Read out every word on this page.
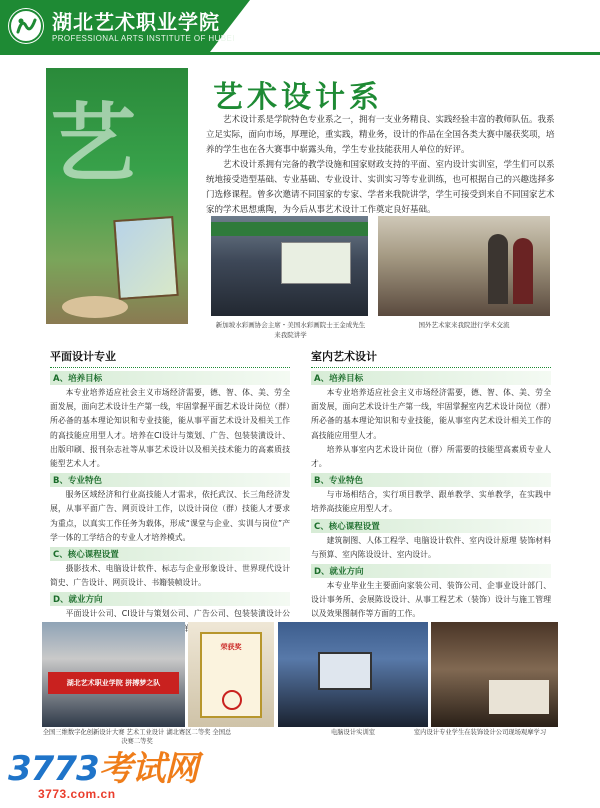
湖北艺术职业学院
PROFESSIONAL ARTS INSTITUTE OF HUBEI
艺	艺术设计系

艺术设计系是学院特色专业系之一，拥有一支业务精良、实践经验丰富的教师队伍。我系立足实际，面向市场，厚理论，重实践，精业务，设计的作品在全国各类大赛中屡获奖项，培养的学生也在各大赛事中崭露头角，学生专业技能获用人单位的好评。

艺术设计系拥有完备的教学设施和国家财政支持的平面、室内设计实训室，学生们可以系统地接受造型基础、专业基础、专业设计、实训实习等专业训练，也可根据自己的兴趣选择多门选修课程。曾多次邀请不同国家的专家、学者来我院讲学，学生可接受到来自不同国家艺术家的学术思想熏陶，为今后从事艺术设计工作奠定良好基础。

新加坡水彩画协会主席・美国水彩画院士王金成先生来我院讲学
国外艺术家来我院进行学术交流
平面设计专业
A、培养目标
本专业培养适应社会主义市场经济需要，德、智、体、美、劳全面发展，面向艺术设计生产第一线，牢固掌握平面艺术设计岗位（群）所必备的基本理论知识和专业技能，能从事平面艺术设计及相关工作的高技能应用型人才。培养在CI设计与策划、广告、包装装潢设计、出版印刷、报刊杂志社等从事艺术设计以及相关技术能力的高素质技能型艺术人才。
B、专业特色
服务区域经济和行业高技能人才需求，依托武汉、长三角经济发展，从事平面广告、网页设计工作，以设计岗位（群）技能人才要求为重点，以真实工作任务为载体，形成“课堂与企业、实训与岗位”产学一体的工学结合的专业人才培养模式。
C、核心课程设置
摄影技术、电脑设计软件、标志与企业形象设计、世界现代设计简史、广告设计、网页设计、书籍装帧设计。
D、就业方向
平面设计公司、CI设计与策划公司、广告公司、包装装潢设计公 单
室内艺术设计
A、培养目标
本专业培养适应社会主义市场经济需要，德、智、体、美、劳全面发展，面向艺术设计生产第一线，牢固掌握室内艺术设计岗位（群）所必备的基本理论知识和专业技能，能从事室内艺术设计相关工作的高技能应用型人才。
培养从事室内艺术设计岗位（群）所需要的技能型高素质专业人才。
B、专业特色
与市场相结合，实行项目教学、跟单教学、实单教学，在实践中培养高技能应用型人才。
C、核心课程设置
建筑制图、人体工程学、电脑设计软件、室内设计原理 装饰材料与预算、室内陈设设计、室内设计。
D、就业方向
本专业毕业生主要面向家装公司、装饰公司、企事业设计部门、设计事务所、会展陈设设计、从事工程艺术（装饰）设计与施工管理以及效果图制作等方面的工作。
湖北艺术职业学院 拼搏梦之队
荣获奖
全国三维数字化创新设计大赛 艺术工业设计 湖北赛区二等奖 全国总决赛二等奖
电脑设计实训室	室内设计专业学生在装饰设计公司现场观摩学习
3773考试网
3773.com.cn
